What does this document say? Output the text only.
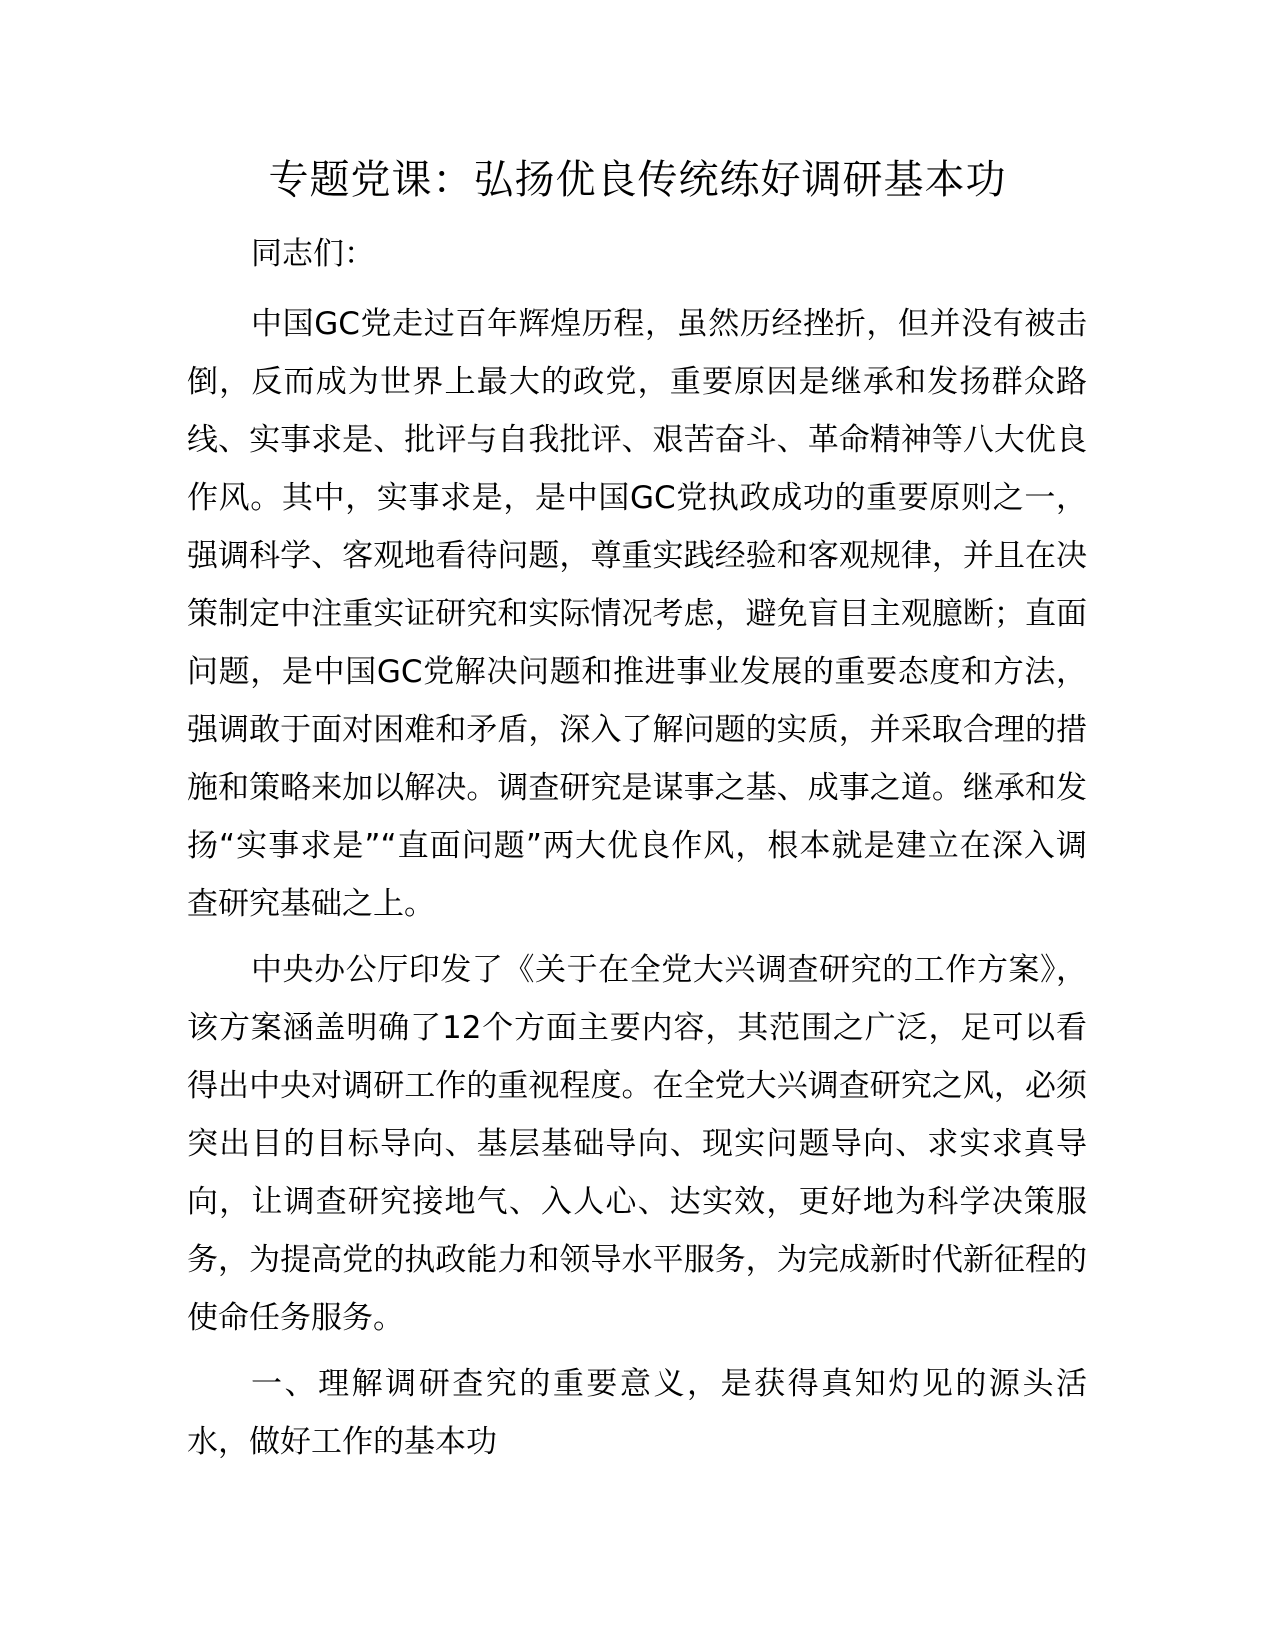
专题党课：弘扬优良传统练好调研基本功

同志们：

中国GC党走过百年辉煌历程，虽然历经挫折，但并没有被击倒，反而成为世界上最大的政党，重要原因是继承和发扬群众路线、实事求是、批评与自我批评、艰苦奋斗、革命精神等八大优良作风。其中，实事求是，是中国GC党执政成功的重要原则之一，强调科学、客观地看待问题，尊重实践经验和客观规律，并且在决策制定中注重实证研究和实际情况考虑，避免盲目主观臆断；直面问题，是中国GC党解决问题和推进事业发展的重要态度和方法，强调敢于面对困难和矛盾，深入了解问题的实质，并采取合理的措施和策略来加以解决。调查研究是谋事之基、成事之道。继承和发扬“实事求是”“直面问题”两大优良作风，根本就是建立在深入调查研究基础之上。

中央办公厅印发了《关于在全党大兴调查研究的工作方案》，该方案涵盖明确了12个方面主要内容，其范围之广泛，足可以看得出中央对调研工作的重视程度。在全党大兴调查研究之风，必须突出目的目标导向、基层基础导向、现实问题导向、求实求真导向，让调查研究接地气、入人心、达实效，更好地为科学决策服务，为提高党的执政能力和领导水平服务，为完成新时代新征程的使命任务服务。

一、理解调研查究的重要意义，是获得真知灼见的源头活水，做好工作的基本功
